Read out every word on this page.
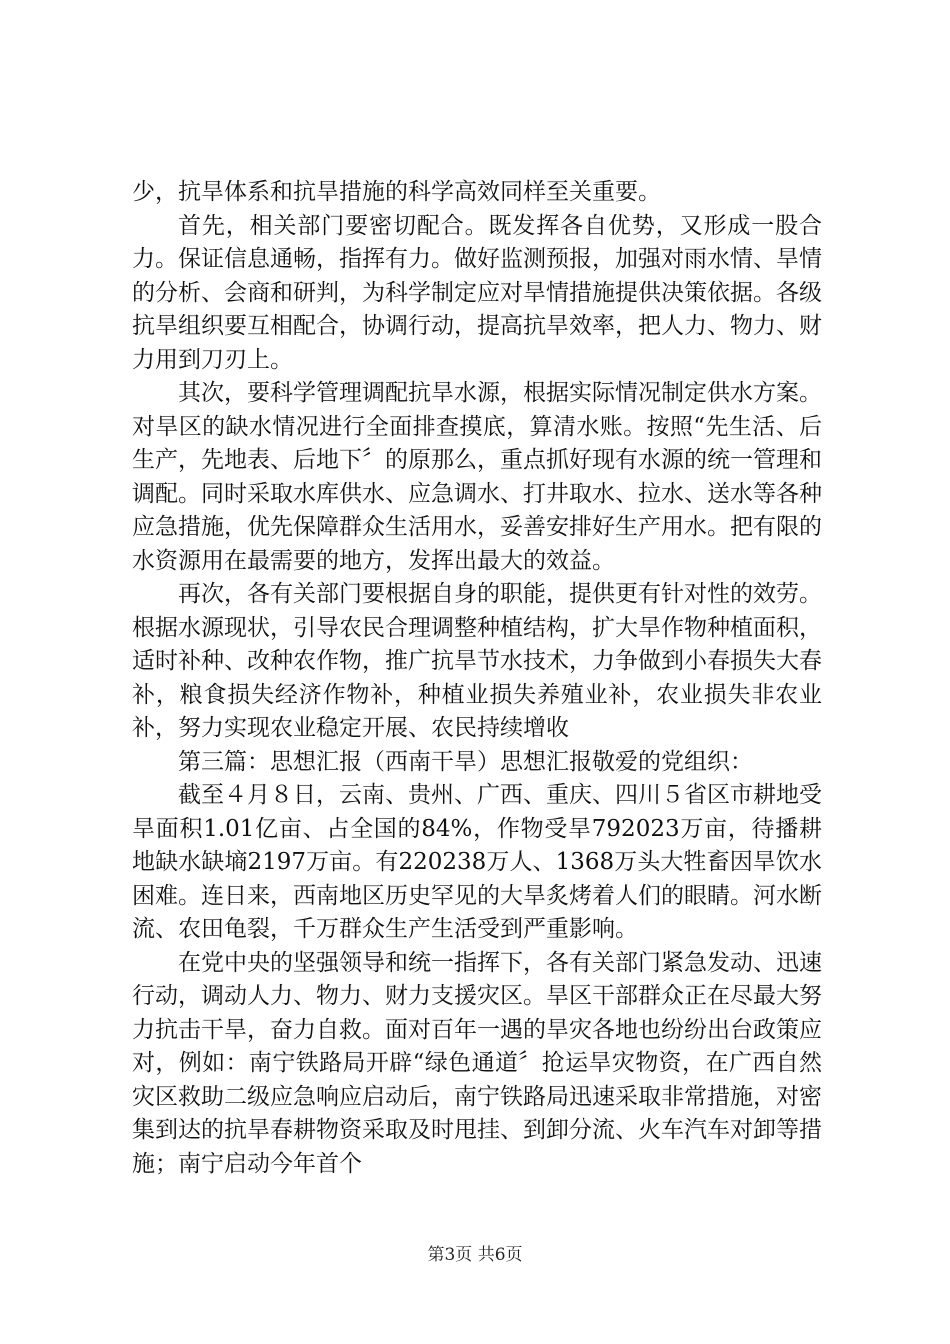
少，抗旱体系和抗旱措施的科学高效同样至关重要。

首先，相关部门要密切配合。既发挥各自优势，又形成一股合力。保证信息通畅，指挥有力。做好监测预报，加强对雨水情、旱情的分析、会商和研判，为科学制定应对旱情措施提供决策依据。各级抗旱组织要互相配合，协调行动，提高抗旱效率，把人力、物力、财力用到刀刃上。

其次，要科学管理调配抗旱水源，根据实际情况制定供水方案。对旱区的缺水情况进行全面排查摸底，算清水账。按照“先生活、后生产，先地表、后地下〞的原那么，重点抓好现有水源的统一管理和调配。同时采取水库供水、应急调水、打井取水、拉水、送水等各种应急措施，优先保障群众生活用水，妥善安排好生产用水。把有限的水资源用在最需要的地方，发挥出最大的效益。

再次，各有关部门要根据自身的职能，提供更有针对性的效劳。根据水源现状，引导农民合理调整种植结构，扩大旱作物种植面积，适时补种、改种农作物，推广抗旱节水技术，力争做到小春损失大春补，粮食损失经济作物补，种植业损失养殖业补，农业损失非农业补，努力实现农业稳定开展、农民持续增收

第三篇：思想汇报（西南干旱）思想汇报敬爱的党组织：

截至４月８日，云南、贵州、广西、重庆、四川５省区市耕地受旱面积1.01亿亩、占全国的84%，作物受旱792023万亩，待播耕地缺水缺墒2197万亩。有220238万人、1368万头大牲畜因旱饮水困难。连日来，西南地区历史罕见的大旱炙烤着人们的眼睛。河水断流、农田龟裂，千万群众生产生活受到严重影响。

在党中央的坚强领导和统一指挥下，各有关部门紧急发动、迅速行动，调动人力、物力、财力支援灾区。旱区干部群众正在尽最大努力抗击干旱，奋力自救。面对百年一遇的旱灾各地也纷纷出台政策应对，例如：南宁铁路局开辟“绿色通道〞抢运旱灾物资，在广西自然灾区救助二级应急响应启动后，南宁铁路局迅速采取非常措施，对密集到达的抗旱春耕物资采取及时甩挂、到卸分流、火车汽车对卸等措施；南宁启动今年首个

第3页 共6页
